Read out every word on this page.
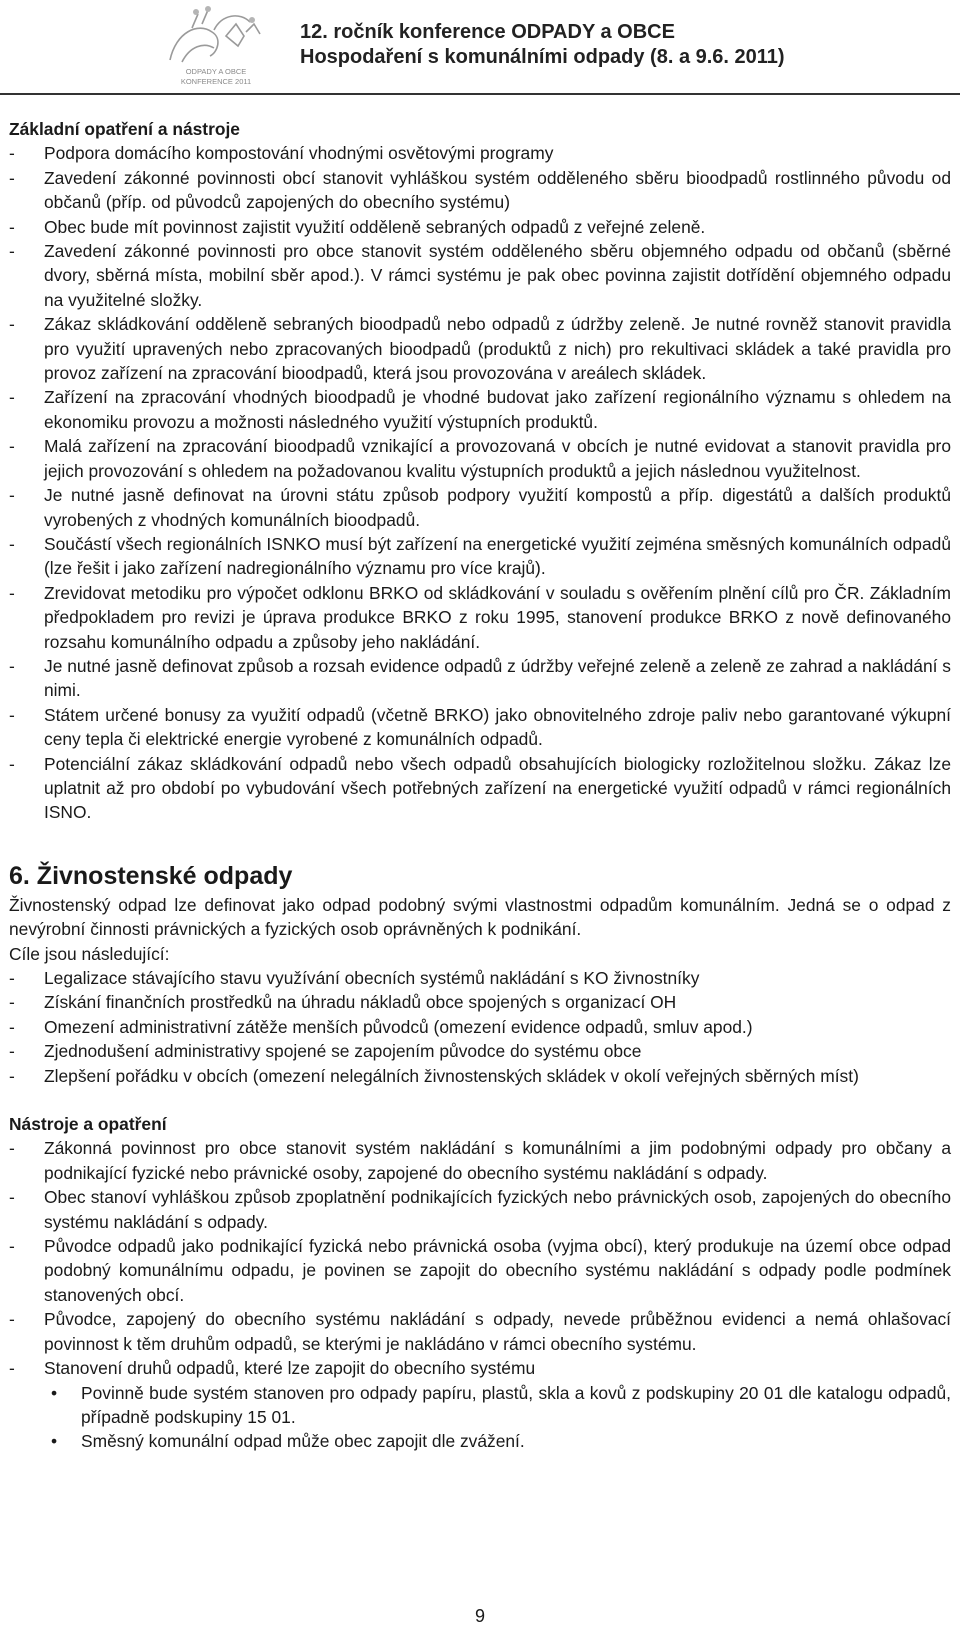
ODPADY A OBCE
KONFERENCE 2011
12. ročník konference ODPADY a OBCE
Hospodaření s komunálními odpady (8. a 9.6. 2011)
Základní opatření a nástroje
- Podpora domácího kompostování vhodnými osvětovými programy
- Zavedení zákonné povinnosti obcí stanovit vyhláškou systém odděleného sběru bioodpadů rostlinného původu od občanů (příp. od původců zapojených do obecního systému)
- Obec bude mít povinnost zajistit využití odděleně sebraných odpadů z veřejné zeleně.
- Zavedení zákonné povinnosti pro obce stanovit systém odděleného sběru objemného odpadu od občanů (sběrné dvory, sběrná místa, mobilní sběr apod.). V rámci systému je pak obec povinna zajistit dotřídění objemného odpadu na využitelné složky.
- Zákaz skládkování odděleně sebraných bioodpadů nebo odpadů z údržby zeleně. Je nutné rovněž stanovit pravidla pro využití upravených nebo zpracovaných bioodpadů (produktů z nich) pro rekultivaci skládek a také pravidla pro provoz zařízení na zpracování bioodpadů, která jsou provozována v areálech skládek.
- Zařízení na zpracování vhodných bioodpadů je vhodné budovat jako zařízení regionálního významu s ohledem na ekonomiku provozu a možnosti následného využití výstupních produktů.
- Malá zařízení na zpracování bioodpadů vznikající a provozovaná v obcích je nutné evidovat a stanovit pravidla pro jejich provozování s ohledem na požadovanou kvalitu výstupních produktů a jejich následnou využitelnost.
- Je nutné jasně definovat na úrovni státu způsob podpory využití kompostů a příp. digestátů a dalších produktů vyrobených z vhodných komunálních bioodpadů.
- Součástí všech regionálních ISNKO musí být zařízení na energetické využití zejména směsných komunálních odpadů (lze řešit i jako zařízení nadregionálního významu pro více krajů).
- Zrevidovat metodiku pro výpočet odklonu BRKO od skládkování v souladu s ověřením plnění cílů pro ČR. Základním předpokladem pro revizi je úprava produkce BRKO z roku 1995, stanovení produkce BRKO z nově definovaného rozsahu komunálního odpadu a způsoby jeho nakládání.
- Je nutné jasně definovat způsob a rozsah evidence odpadů z údržby veřejné zeleně a zeleně ze zahrad a nakládání s nimi.
- Státem určené bonusy za využití odpadů (včetně BRKO) jako obnovitelného zdroje paliv nebo garantované výkupní ceny tepla či elektrické energie vyrobené z komunálních odpadů.
- Potenciální zákaz skládkování odpadů nebo všech odpadů obsahujících biologicky rozložitelnou složku. Zákaz lze uplatnit až pro období po vybudování všech potřebných zařízení na energetické využití odpadů v rámci regionálních ISNO.
6. Živnostenské odpady
Živnostenský odpad lze definovat jako odpad podobný svými vlastnostmi odpadům komunálním. Jedná se o odpad z nevýrobní činnosti právnických a fyzických osob oprávněných k podnikání.
Cíle jsou následující:
- Legalizace stávajícího stavu využívání obecních systémů nakládání s KO živnostníky
- Získání finančních prostředků na úhradu nákladů obce spojených s organizací OH
- Omezení administrativní zátěže menších původců (omezení evidence odpadů, smluv apod.)
- Zjednodušení administrativy spojené se zapojením původce do systému obce
- Zlepšení pořádku v obcích (omezení nelegálních živnostenských skládek v okolí veřejných sběrných míst)
Nástroje a opatření
- Zákonná povinnost pro obce stanovit systém nakládání s komunálními a jim podobnými odpady pro občany a podnikající fyzické nebo právnické osoby, zapojené do obecního systému nakládání s odpady.
- Obec stanoví vyhláškou způsob zpoplatnění podnikajících fyzických nebo právnických osob, zapojených do obecního systému nakládání s odpady.
- Původce odpadů jako podnikající fyzická nebo právnická osoba (vyjma obcí), který produkuje na území obce odpad podobný komunálnímu odpadu, je povinen se zapojit do obecního systému nakládání s odpady podle podmínek stanovených obcí.
- Původce, zapojený do obecního systému nakládání s odpady, nevede průběžnou evidenci a nemá ohlašovací povinnost k těm druhům odpadů, se kterými je nakládáno v rámci obecního systému.
- Stanovení druhů odpadů, které lze zapojit do obecního systému
• Povinně bude systém stanoven pro odpady papíru, plastů, skla a kovů z podskupiny 20 01 dle katalogu odpadů, případně podskupiny 15 01.
• Směsný komunální odpad může obec zapojit dle zvážení.
9
